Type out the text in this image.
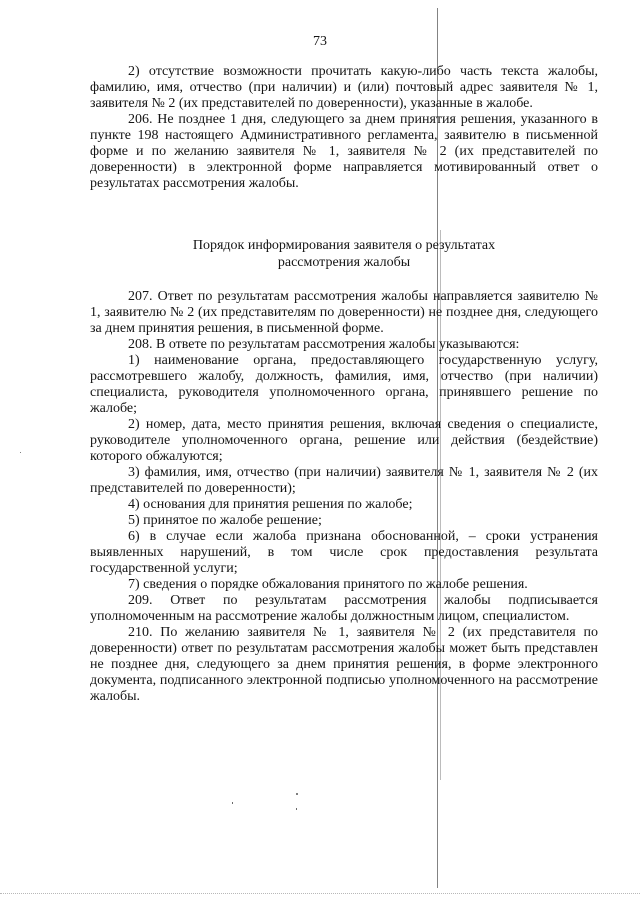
73

2) отсутствие возможности прочитать какую-либо часть текста жалобы, фамилию, имя, отчество (при наличии) и (или) почтовый адрес заявителя № 1, заявителя № 2 (их представителей по доверенности), указанные в жалобе.

206. Не позднее 1 дня, следующего за днем принятия решения, указанного в пункте 198 настоящего Административного регламента, заявителю в письменной форме и по желанию заявителя № 1, заявителя № 2 (их представителей по доверенности) в электронной форме направляется мотивированный ответ о результатах рассмотрения жалобы.

Порядок информирования заявителя о результатах
рассмотрения жалобы

207. Ответ по результатам рассмотрения жалобы направляется заявителю № 1, заявителю № 2 (их представителям по доверенности) не позднее дня, следующего за днем принятия решения, в письменной форме.

208. В ответе по результатам рассмотрения жалобы указываются:

1) наименование органа, предоставляющего государственную услугу, рассмотревшего жалобу, должность, фамилия, имя, отчество (при наличии) специалиста, руководителя уполномоченного органа, принявшего решение по жалобе;

2) номер, дата, место принятия решения, включая сведения о специалисте, руководителе уполномоченного органа, решение или действия (бездействие) которого обжалуются;

3) фамилия, имя, отчество (при наличии) заявителя № 1, заявителя № 2 (их представителей по доверенности);

4) основания для принятия решения по жалобе;

5) принятое по жалобе решение;

6) в случае если жалоба признана обоснованной, – сроки устранения выявленных нарушений, в том числе срок предоставления результата государственной услуги;

7) сведения о порядке обжалования принятого по жалобе решения.

209. Ответ по результатам рассмотрения жалобы подписывается уполномоченным на рассмотрение жалобы должностным лицом, специалистом.

210. По желанию заявителя № 1, заявителя № 2 (их представителя по доверенности) ответ по результатам рассмотрения жалобы может быть представлен не позднее дня, следующего за днем принятия решения, в форме электронного документа, подписанного электронной подписью уполномоченного на рассмотрение жалобы.
